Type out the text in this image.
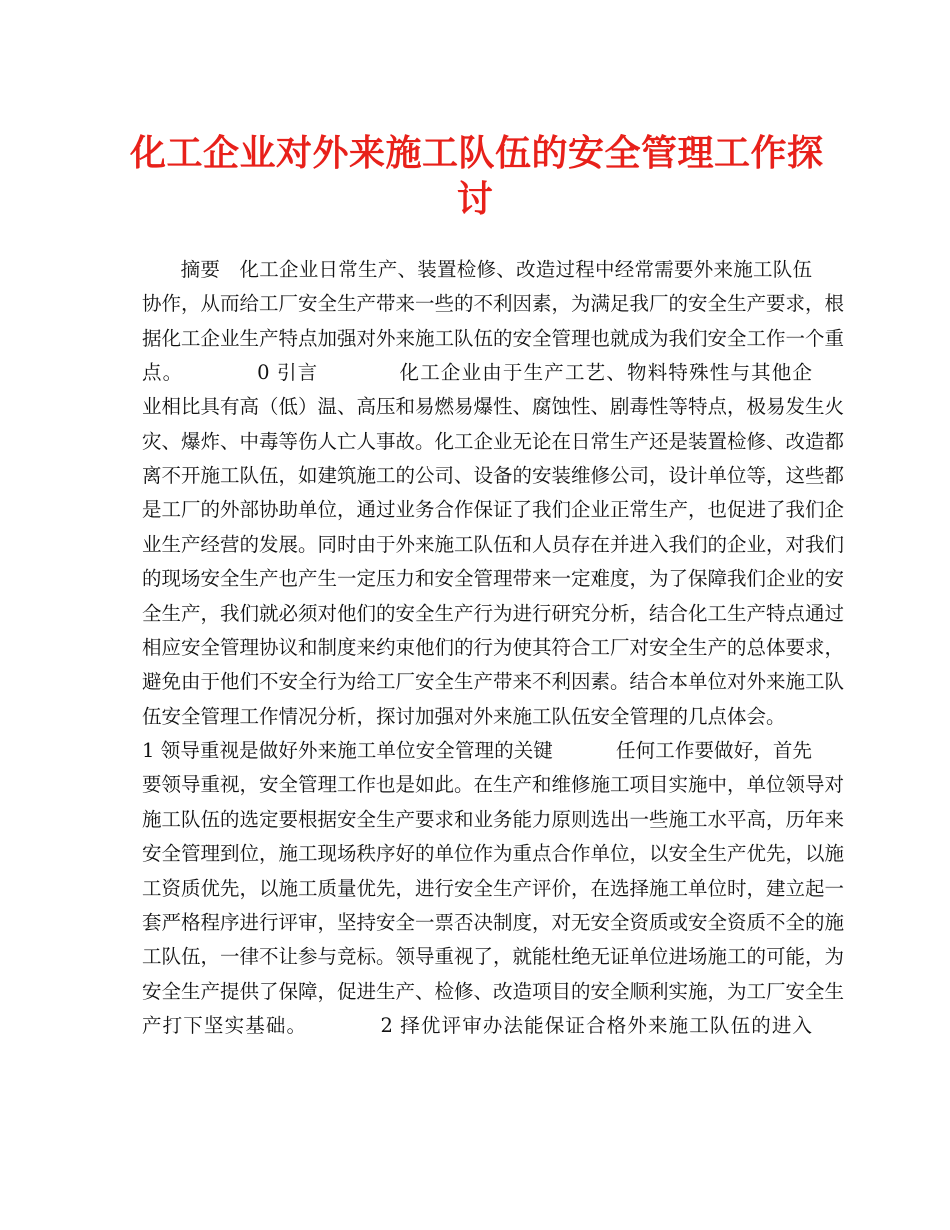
化工企业对外来施工队伍的安全管理工作探
讨
摘要   化工企业日常生产、装置检修、改造过程中经常需要外来施工队伍
协作，从而给工厂安全生产带来一些的不利因素，为满足我厂的安全生产要求，根
据化工企业生产特点加强对外来施工队伍的安全管理也就成为我们安全工作一个重
点。          0 引言           化工企业由于生产工艺、物料特殊性与其他企
业相比具有高（低）温、高压和易燃易爆性、腐蚀性、剧毒性等特点，极易发生火
灾、爆炸、中毒等伤人亡人事故。化工企业无论在日常生产还是装置检修、改造都
离不开施工队伍，如建筑施工的公司、设备的安装维修公司，设计单位等，这些都
是工厂的外部协助单位，通过业务合作保证了我们企业正常生产，也促进了我们企
业生产经营的发展。同时由于外来施工队伍和人员存在并进入我们的企业，对我们
的现场安全生产也产生一定压力和安全管理带来一定难度，为了保障我们企业的安
全生产，我们就必须对他们的安全生产行为进行研究分析，结合化工生产特点通过
相应安全管理协议和制度来约束他们的行为使其符合工厂对安全生产的总体要求，
避免由于他们不安全行为给工厂安全生产带来不利因素。结合本单位对外来施工队
伍安全管理工作情况分析，探讨加强对外来施工队伍安全管理的几点体会。
1 领导重视是做好外来施工单位安全管理的关键          任何工作要做好，首先
要领导重视，安全管理工作也是如此。在生产和维修施工项目实施中，单位领导对
施工队伍的选定要根据安全生产要求和业务能力原则选出一些施工水平高，历年来
安全管理到位，施工现场秩序好的单位作为重点合作单位，以安全生产优先，以施
工资质优先，以施工质量优先，进行安全生产评价，在选择施工单位时，建立起一
套严格程序进行评审，坚持安全一票否决制度，对无安全资质或安全资质不全的施
工队伍，一律不让参与竞标。领导重视了，就能杜绝无证单位进场施工的可能，为
安全生产提供了保障，促进生产、检修、改造项目的安全顺利实施，为工厂安全生
产打下坚实基础。          2 择优评审办法能保证合格外来施工队伍的进入
